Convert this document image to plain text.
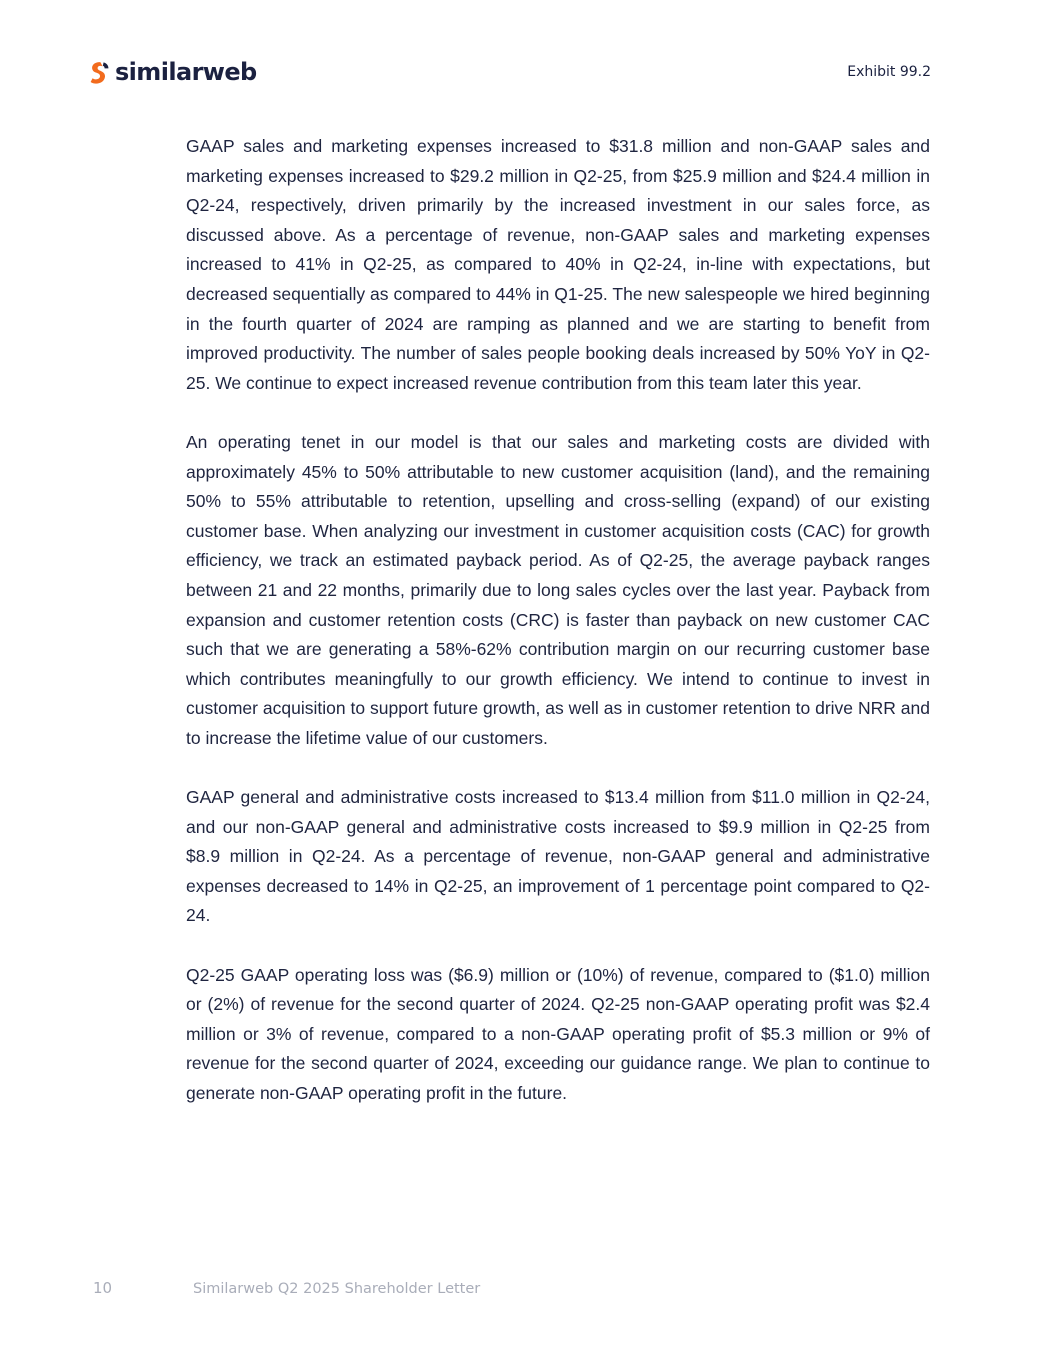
similarweb	Exhibit 99.2

GAAP sales and marketing expenses increased to $31.8 million and non-GAAP sales and marketing expenses increased to $29.2 million in Q2-25, from $25.9 million and $24.4 million in Q2-24, respectively, driven primarily by the increased investment in our sales force, as discussed above. As a percentage of revenue, non-GAAP sales and marketing expenses increased to 41% in Q2-25, as compared to 40% in Q2-24, in-line with expectations, but decreased sequentially as compared to 44% in Q1-25. The new salespeople we hired beginning in the fourth quarter of 2024 are ramping as planned and we are starting to benefit from improved productivity. The number of sales people booking deals increased by 50% YoY in Q2-25. We continue to expect increased revenue contribution from this team later this year.

An operating tenet in our model is that our sales and marketing costs are divided with approximately 45% to 50% attributable to new customer acquisition (land), and the remaining 50% to 55% attributable to retention, upselling and cross-selling (expand) of our existing customer base. When analyzing our investment in customer acquisition costs (CAC) for growth efficiency, we track an estimated payback period. As of Q2-25, the average payback ranges between 21 and 22 months, primarily due to long sales cycles over the last year. Payback from expansion and customer retention costs (CRC) is faster than payback on new customer CAC such that we are generating a 58%-62% contribution margin on our recurring customer base which contributes meaningfully to our growth efficiency. We intend to continue to invest in customer acquisition to support future growth, as well as in customer retention to drive NRR and to increase the lifetime value of our customers.

GAAP general and administrative costs increased to $13.4 million from $11.0 million in Q2-24, and our non-GAAP general and administrative costs increased to $9.9 million in Q2-25 from $8.9 million in Q2-24. As a percentage of revenue, non-GAAP general and administrative expenses decreased to 14% in Q2-25, an improvement of 1 percentage point compared to Q2-24.

Q2-25 GAAP operating loss was ($6.9) million or (10%) of revenue, compared to ($1.0) million or (2%) of revenue for the second quarter of 2024. Q2-25 non-GAAP operating profit was $2.4 million or 3% of revenue, compared to a non-GAAP operating profit of $5.3 million or 9% of revenue for the second quarter of 2024, exceeding our guidance range. We plan to continue to generate non-GAAP operating profit in the future.

10	Similarweb Q2 2025 Shareholder Letter
